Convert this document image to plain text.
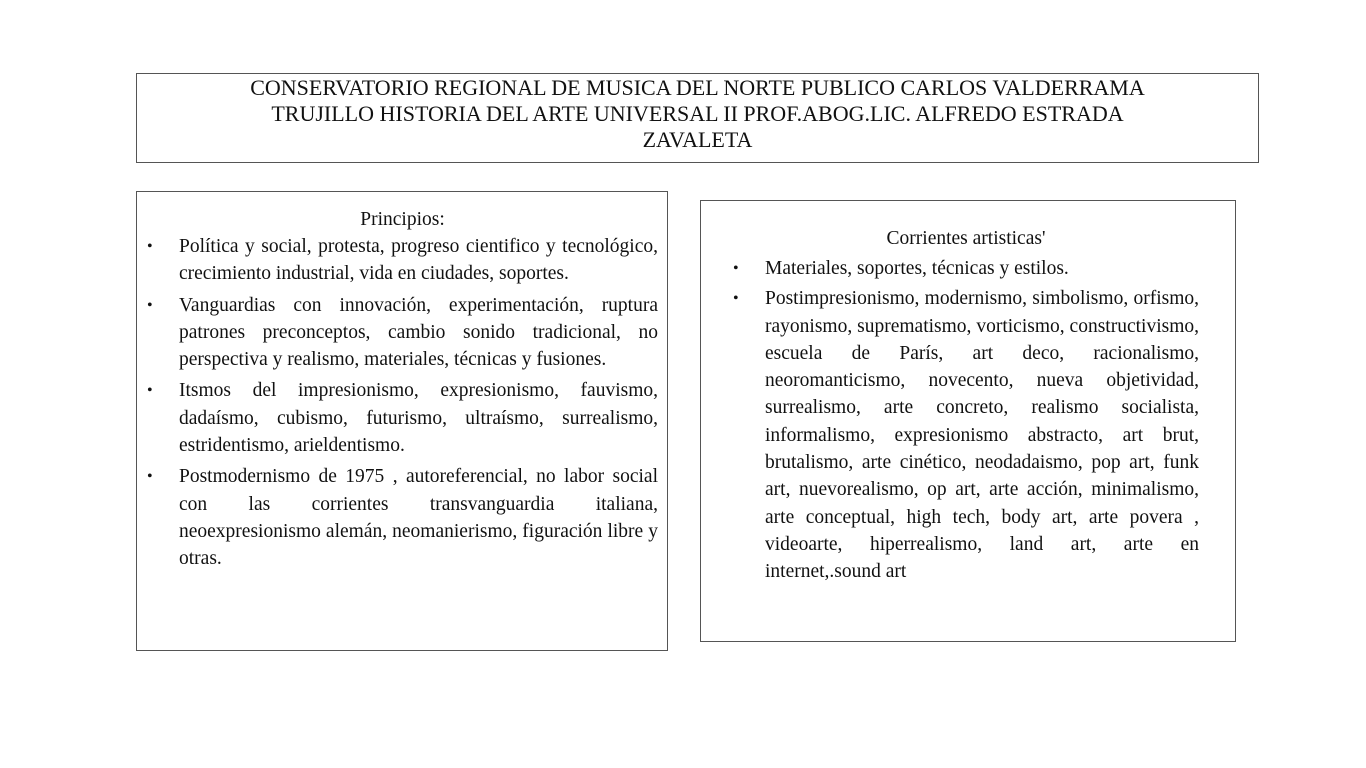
CONSERVATORIO REGIONAL DE MUSICA DEL NORTE PUBLICO CARLOS VALDERRAMA
TRUJILLO HISTORIA DEL ARTE UNIVERSAL II PROF.ABOG.LIC. ALFREDO ESTRADA
ZAVALETA

Principios:

•	Política y social, protesta, progreso cientifico y tecnológico, crecimiento industrial, vida en ciudades, soportes.
•	Vanguardias con innovación, experimentación, ruptura patrones preconceptos, cambio sonido tradicional, no perspectiva y realismo, materiales, técnicas y fusiones.
•	Itsmos del impresionismo, expresionismo, fauvismo, dadaísmo, cubismo, futurismo, ultraísmo, surrealismo, estridentismo, arieldentismo.
•	Postmodernismo de 1975 , autoreferencial, no labor social con las corrientes transvanguardia italiana, neoexpresionismo alemán, neomanierismo, figuración libre y otras.

Corrientes artisticas'

•	Materiales, soportes, técnicas y estilos.
•	Postimpresionismo, modernismo, simbolismo, orfismo, rayonismo, suprematismo, vorticismo, constructivismo, escuela de París, art deco, racionalismo, neoromanticismo, novecento, nueva objetividad, surrealismo, arte concreto, realismo socialista, informalismo, expresionismo abstracto, art brut, brutalismo, arte cinético, neodadaismo, pop art, funk art, nuevorealismo, op art, arte acción, minimalismo, arte conceptual, high tech, body art, arte povera , videoarte, hiperrealismo, land art, arte en internet,.sound art
